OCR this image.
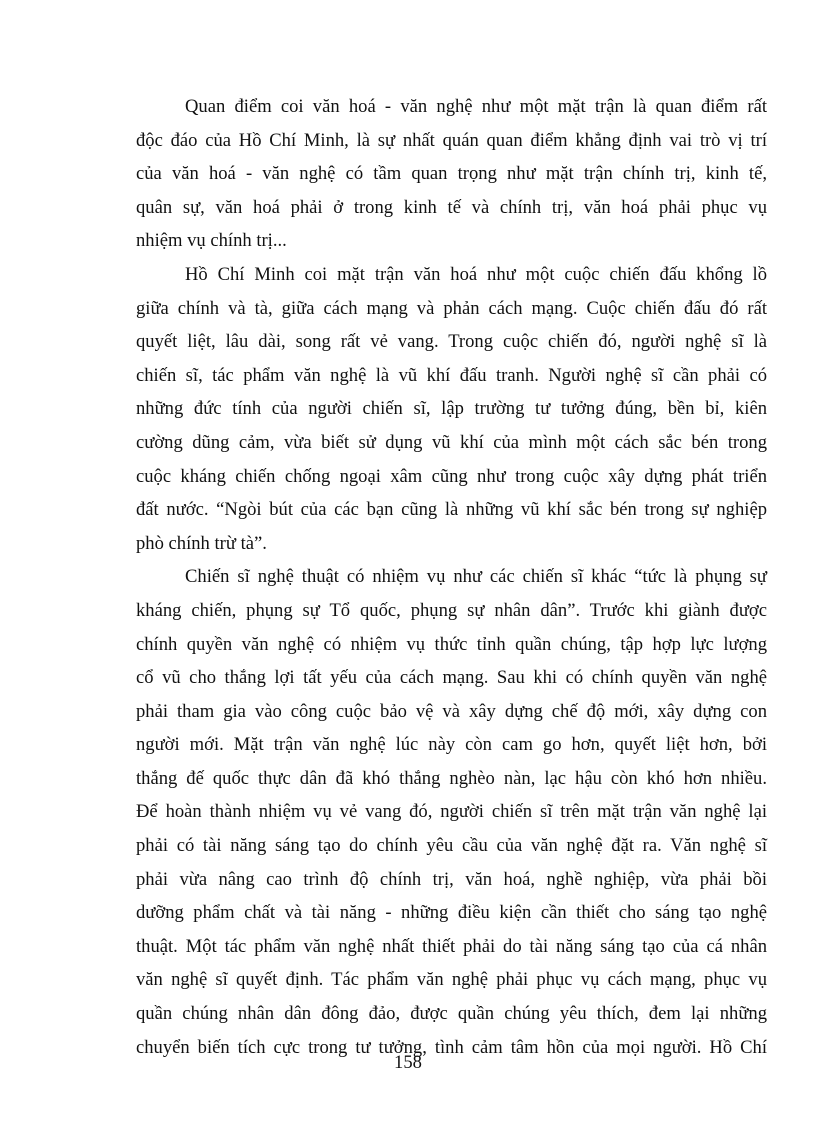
Quan điểm coi văn hoá - văn nghệ như một mặt trận là quan điểm rất
độc đáo của Hồ Chí Minh, là sự nhất quán quan điểm khẳng định vai trò vị trí
của văn hoá - văn nghệ có tầm quan trọng như mặt trận chính trị, kinh tế,
quân sự, văn hoá phải ở trong kinh tế và chính trị, văn hoá phải phục vụ
nhiệm vụ chính trị...

Hồ Chí Minh coi mặt trận văn hoá như một cuộc chiến đấu khổng lồ
giữa chính và tà, giữa cách mạng và phản cách mạng. Cuộc chiến đấu đó rất
quyết liệt, lâu dài, song rất vẻ vang. Trong cuộc chiến đó, người nghệ sĩ là
chiến sĩ, tác phẩm văn nghệ là vũ khí đấu tranh. Người nghệ sĩ cần phải có
những đức tính của người chiến sĩ, lập trường tư tưởng đúng, bền bỉ, kiên
cường dũng cảm, vừa biết sử dụng vũ khí của mình một cách sắc bén trong
cuộc kháng chiến chống ngoại xâm cũng như trong cuộc xây dựng phát triển
đất nước. “Ngòi bút của các bạn cũng là những vũ khí sắc bén trong sự nghiệp
phò chính trừ tà”.

Chiến sĩ nghệ thuật có nhiệm vụ như các chiến sĩ khác “tức là phụng sự
kháng chiến, phụng sự Tổ quốc, phụng sự nhân dân”. Trước khi giành được
chính quyền văn nghệ có nhiệm vụ thức tỉnh quần chúng, tập hợp lực lượng
cổ vũ cho thắng lợi tất yếu của cách mạng. Sau khi có chính quyền văn nghệ
phải tham gia vào công cuộc bảo vệ và xây dựng chế độ mới, xây dựng con
người mới. Mặt trận văn nghệ lúc này còn cam go hơn, quyết liệt hơn, bởi
thắng đế quốc thực dân đã khó thắng nghèo nàn, lạc hậu còn khó hơn nhiều.
Để hoàn thành nhiệm vụ vẻ vang đó, người chiến sĩ trên mặt trận văn nghệ lại
phải có tài năng sáng tạo do chính yêu cầu của văn nghệ đặt ra. Văn nghệ sĩ
phải vừa nâng cao trình độ chính trị, văn hoá, nghề nghiệp, vừa phải bồi
dưỡng phẩm chất và tài năng - những điều kiện cần thiết cho sáng tạo nghệ
thuật. Một tác phẩm văn nghệ nhất thiết phải do tài năng sáng tạo của cá nhân
văn nghệ sĩ quyết định. Tác phẩm văn nghệ phải phục vụ cách mạng, phục vụ
quần chúng nhân dân đông đảo, được quần chúng yêu thích, đem lại những
chuyển biến tích cực trong tư tưởng, tình cảm tâm hồn của mọi người. Hồ Chí

158
